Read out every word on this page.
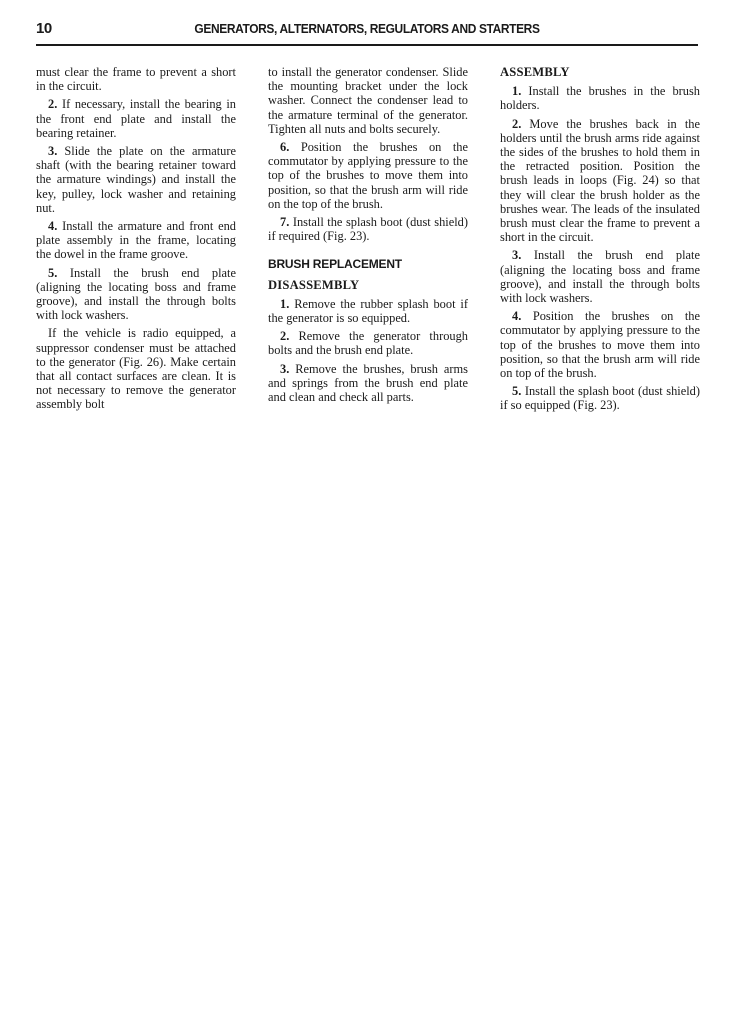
10	GENERATORS, ALTERNATORS, REGULATORS AND STARTERS

must clear the frame to prevent a short in the circuit.

2. If necessary, install the bearing in the front end plate and install the bearing retainer.

3. Slide the plate on the armature shaft (with the bearing retainer toward the armature windings) and install the key, pulley, lock washer and retaining nut.

4. Install the armature and front end plate assembly in the frame, locating the dowel in the frame groove.

5. Install the brush end plate (aligning the locating boss and frame groove), and install the through bolts with lock washers.

If the vehicle is radio equipped, a suppressor condenser must be attached to the generator (Fig. 26). Make certain that all contact surfaces are clean. It is not necessary to remove the generator assembly bolt

to install the generator condenser. Slide the mounting bracket under the lock washer. Connect the condenser lead to the armature terminal of the generator. Tighten all nuts and bolts securely.

6. Position the brushes on the commutator by applying pressure to the top of the brushes to move them into position, so that the brush arm will ride on the top of the brush.

7. Install the splash boot (dust shield) if required (Fig. 23).

BRUSH REPLACEMENT
DISASSEMBLY

1. Remove the rubber splash boot if the generator is so equipped.

2. Remove the generator through bolts and the brush end plate.

3. Remove the brushes, brush arms and springs from the brush end plate and clean and check all parts.

ASSEMBLY

1. Install the brushes in the brush holders.

2. Move the brushes back in the holders until the brush arms ride against the sides of the brushes to hold them in the retracted position. Position the brush leads in loops (Fig. 24) so that they will clear the brush holder as the brushes wear. The leads of the insulated brush must clear the frame to prevent a short in the circuit.

3. Install the brush end plate (aligning the locating boss and frame groove), and install the through bolts with lock washers.

4. Position the brushes on the commutator by applying pressure to the top of the brushes to move them into position, so that the brush arm will ride on top of the brush.

5. Install the splash boot (dust shield) if so equipped (Fig. 23).
